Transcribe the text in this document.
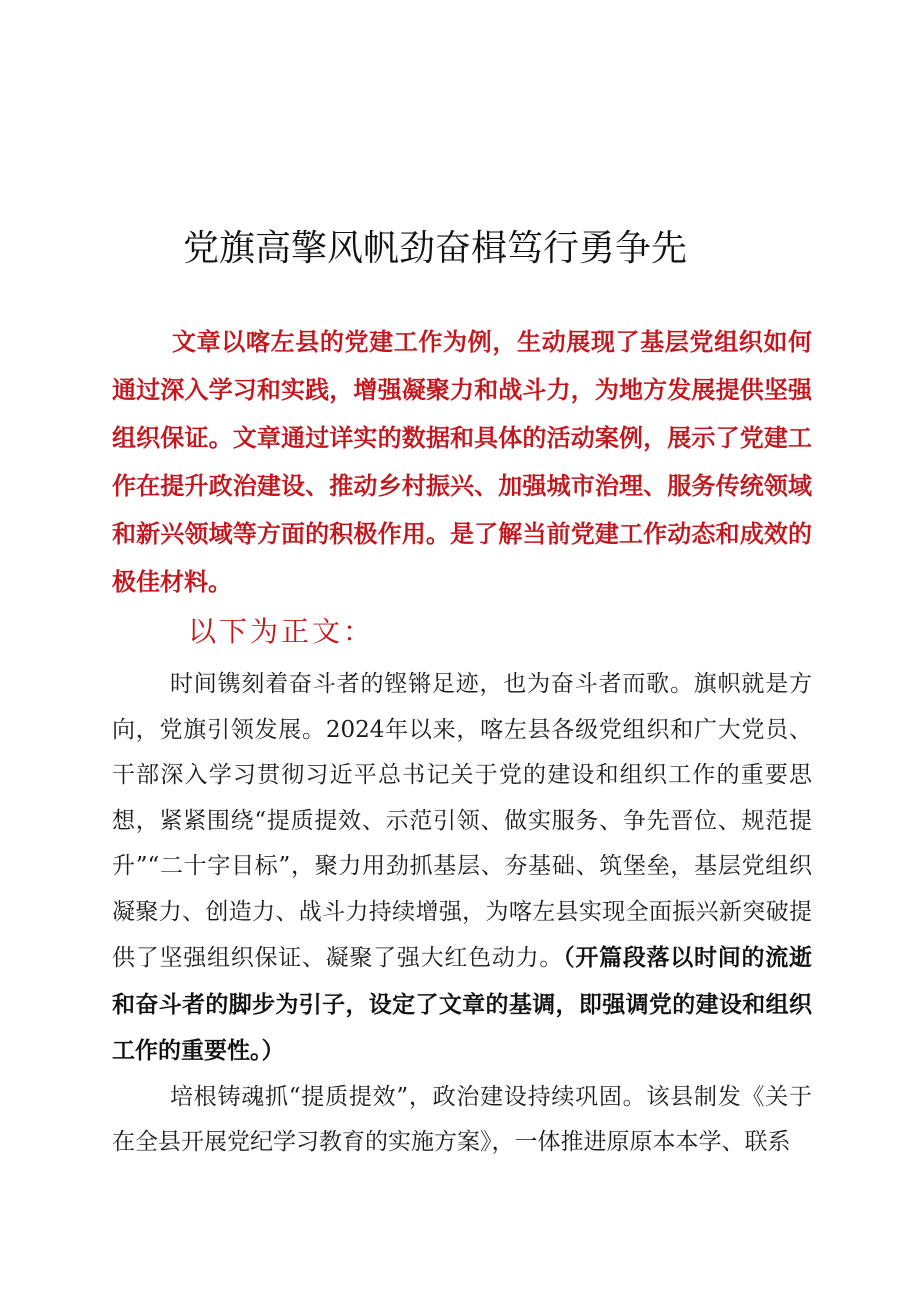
党旗高擎风帆劲奋楫笃行勇争先

文章以喀左县的党建工作为例，生动展现了基层党组织如何通过深入学习和实践，增强凝聚力和战斗力，为地方发展提供坚强组织保证。文章通过详实的数据和具体的活动案例，展示了党建工作在提升政治建设、推动乡村振兴、加强城市治理、服务传统领域和新兴领域等方面的积极作用。是了解当前党建工作动态和成效的极佳材料。

以下为正文：

时间镌刻着奋斗者的铿锵足迹，也为奋斗者而歌。旗帜就是方向，党旗引领发展。2024年以来，喀左县各级党组织和广大党员、干部深入学习贯彻习近平总书记关于党的建设和组织工作的重要思想，紧紧围绕“提质提效、示范引领、做实服务、争先晋位、规范提升”“二十字目标”，聚力用劲抓基层、夯基础、筑堡垒，基层党组织凝聚力、创造力、战斗力持续增强，为喀左县实现全面振兴新突破提供了坚强组织保证、凝聚了强大红色动力。（开篇段落以时间的流逝和奋斗者的脚步为引子，设定了文章的基调，即强调党的建设和组织工作的重要性。）

培根铸魂抓“提质提效”，政治建设持续巩固。该县制发《关于在全县开展党纪学习教育的实施方案》，一体推进原原本本学、联系
